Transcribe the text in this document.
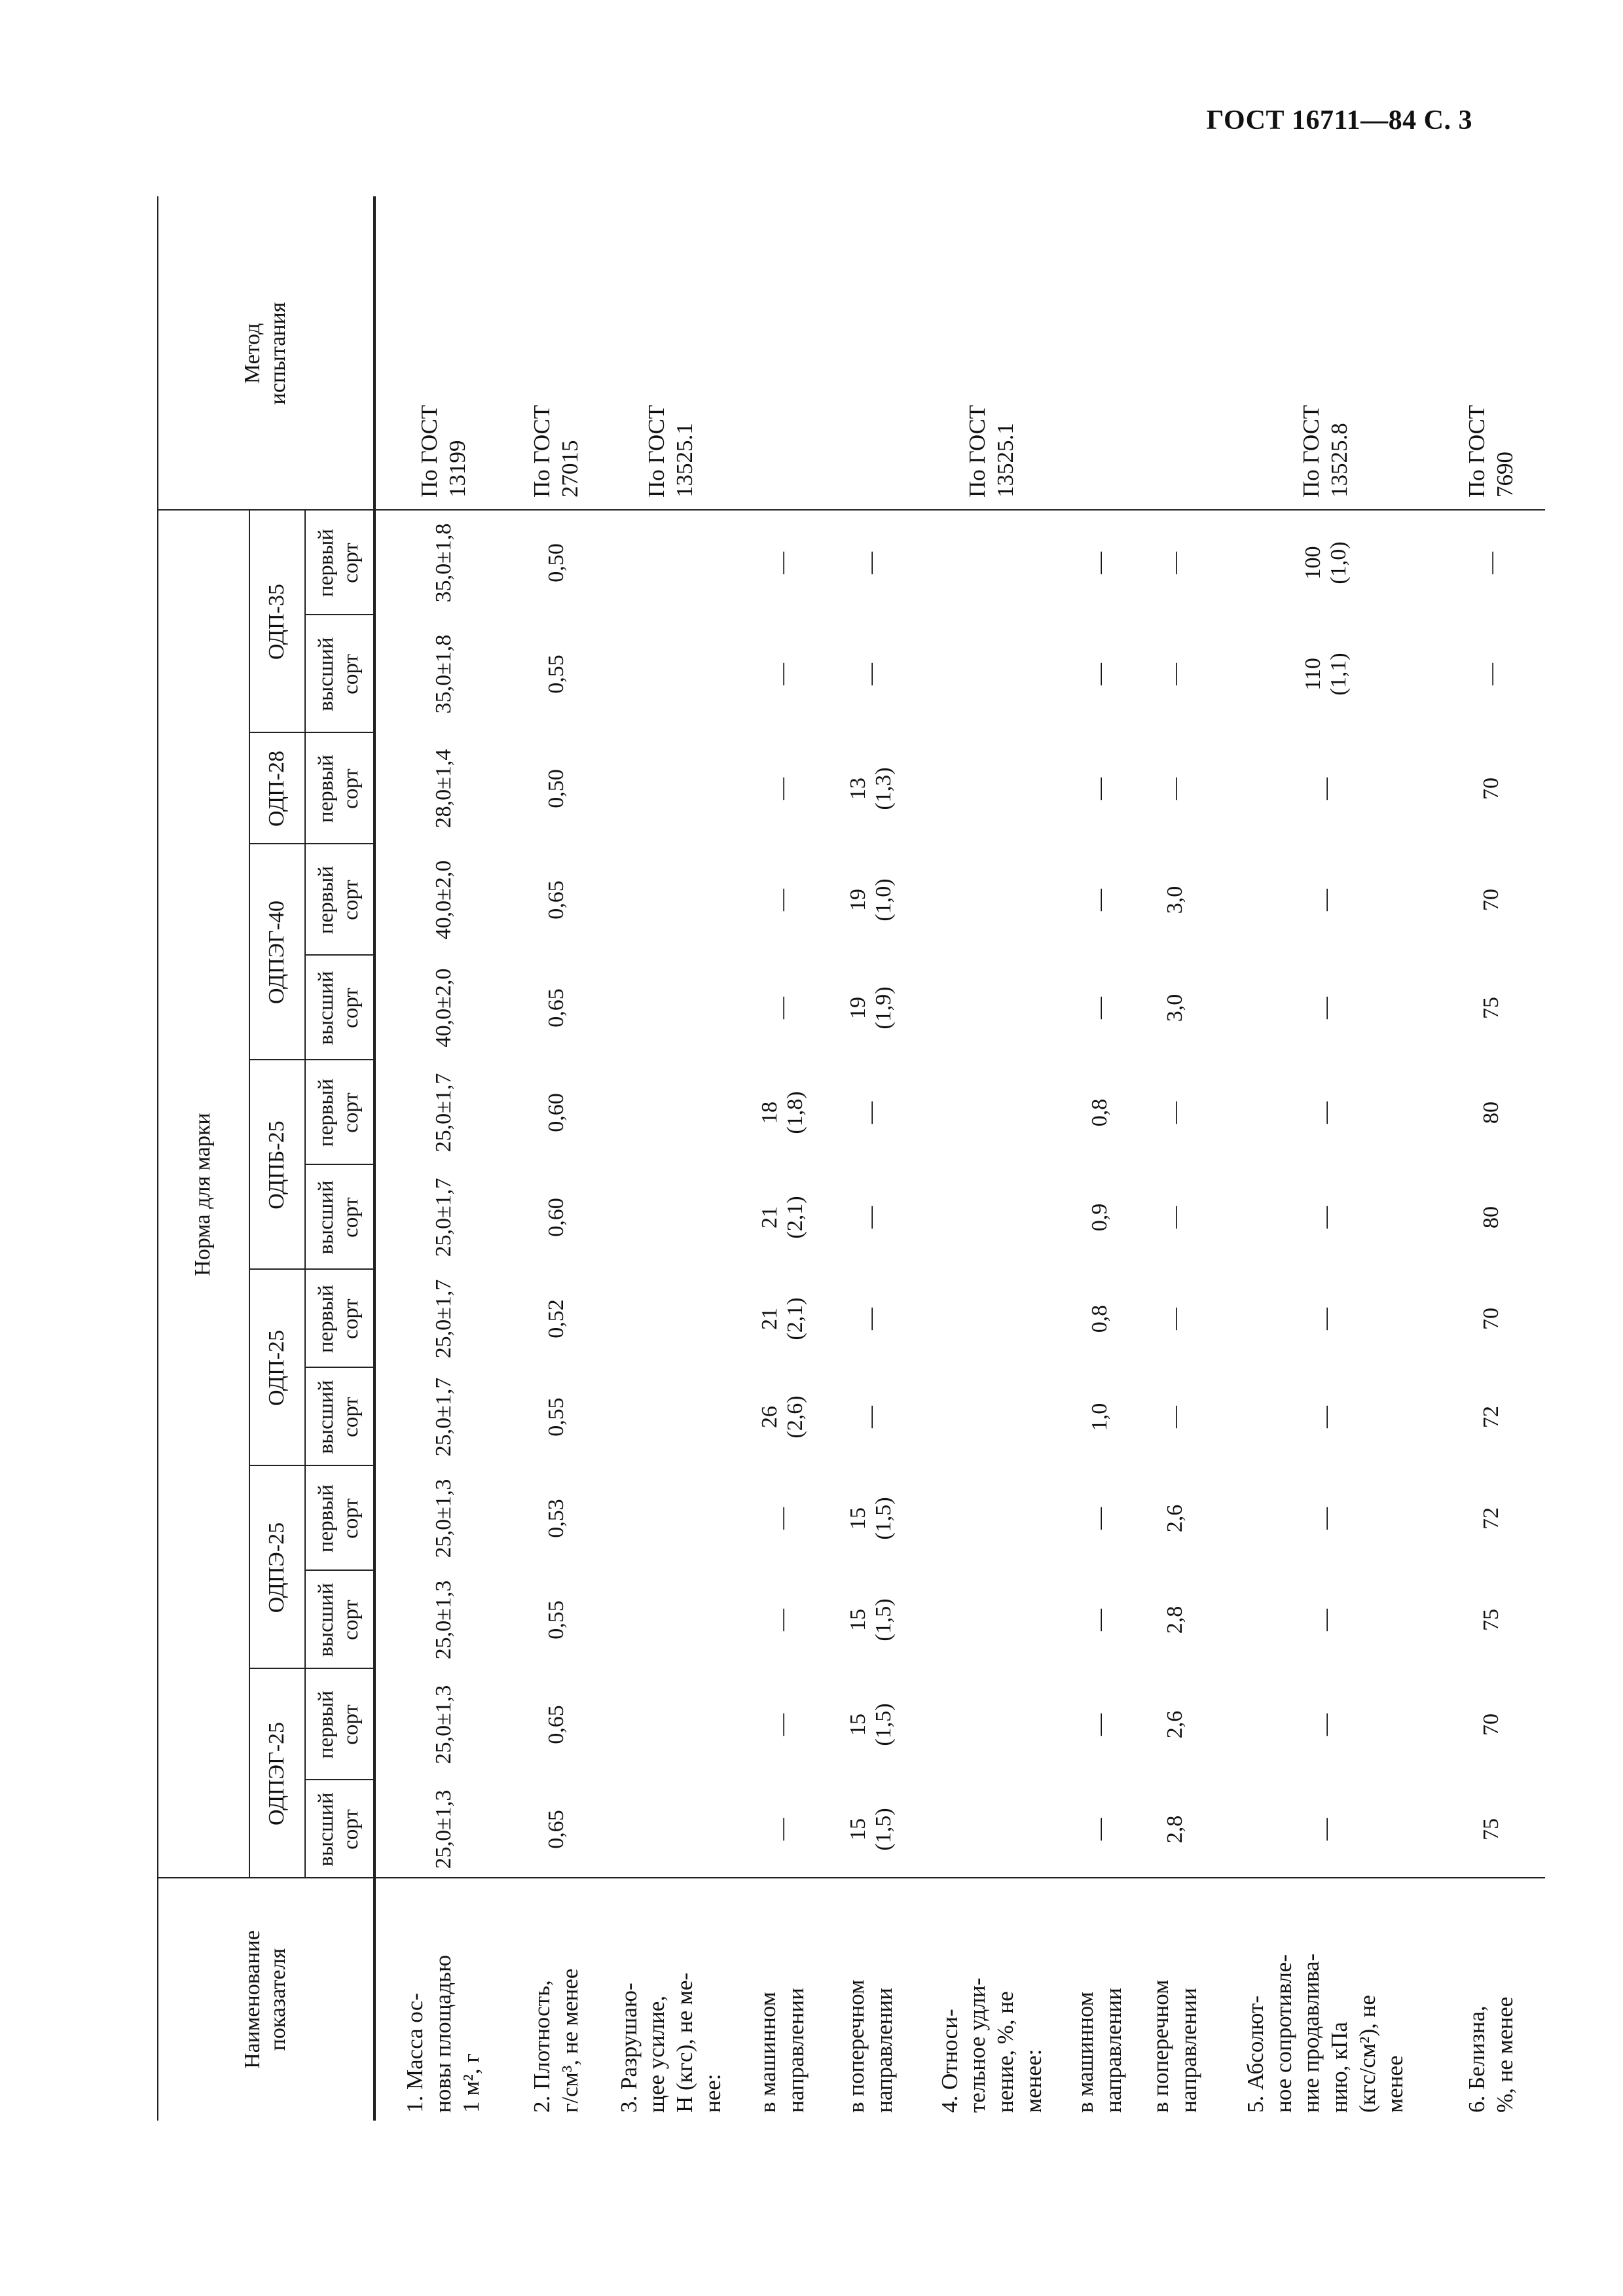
ГОСТ 16711—84 С. 3
ОДПЭГ-25
высший
сорт
первый
сорт
ОДПЭ-25
высший
сорт
первый
сорт
ОДП-25
высший
сорт
первый
сорт
ОДПБ-25
высший
сорт
первый
сорт
ОДПЭГ-40
высший
сорт
первый
сорт
ОДП-28	первый
сорт
ОДП-35
высший
сорт
первый
сорт
Наименование
показателя
Норма для марки
Метод
испытания
1. Масса ос-
новы площадью
1 м², г
25,0±1,3
25,0±1,3
25,0±1,3
25,0±1,3
25,0±1,7
25,0±1,7
25,0±1,7
25,0±1,7
40,0±2,0
40,0±2,0
28,0±1,4
35,0±1,8
35,0±1,8
По ГОСТ
13199
2. Плотность,
г/см³, не менее
0,65
0,65
0,55
0,53
0,55
0,52
0,60
0,60
0,65
0,65
0,50
0,55
0,50
По ГОСТ
27015
3. Разрушаю-
щее усилие,
Н (кгс), не ме-
нее:
По ГОСТ
13525.1
в машинном
направлении
—
—
—
—
26
(2,6)
21
(2,1)
21
(2,1)
18
(1,8)
—
—
—
—
—
в поперечном
направлении
15
(1,5)
15
(1,5)
15
(1,5)
15
(1,5)
—
—
—
—
19
(1,9)
19
(1,0)
13
(1,3)
—
—
4. Относи-
тельное удли-
нение, %, не
менее:
По ГОСТ
13525.1
в машинном
направлении
—
—
—
—
1,0
0,8
0,9
0,8
—
—
—
—
—
в поперечном
направлении
2,8
2,6
2,8
2,6
—
—
—
—
3,0
3,0
—
—
—
5. Абсолют-
ное сопротивле-
ние продавлива-
нию, кПа
(кгс/см²), не
менее
—
—
—
—
—
—
—
—
—
—
—
110
(1,1)
100
(1,0)
По ГОСТ
13525.8
6. Белизна,
%, не менее
75
70
75
72
72
70
80
80
75
70
70
—
—
По ГОСТ
7690
